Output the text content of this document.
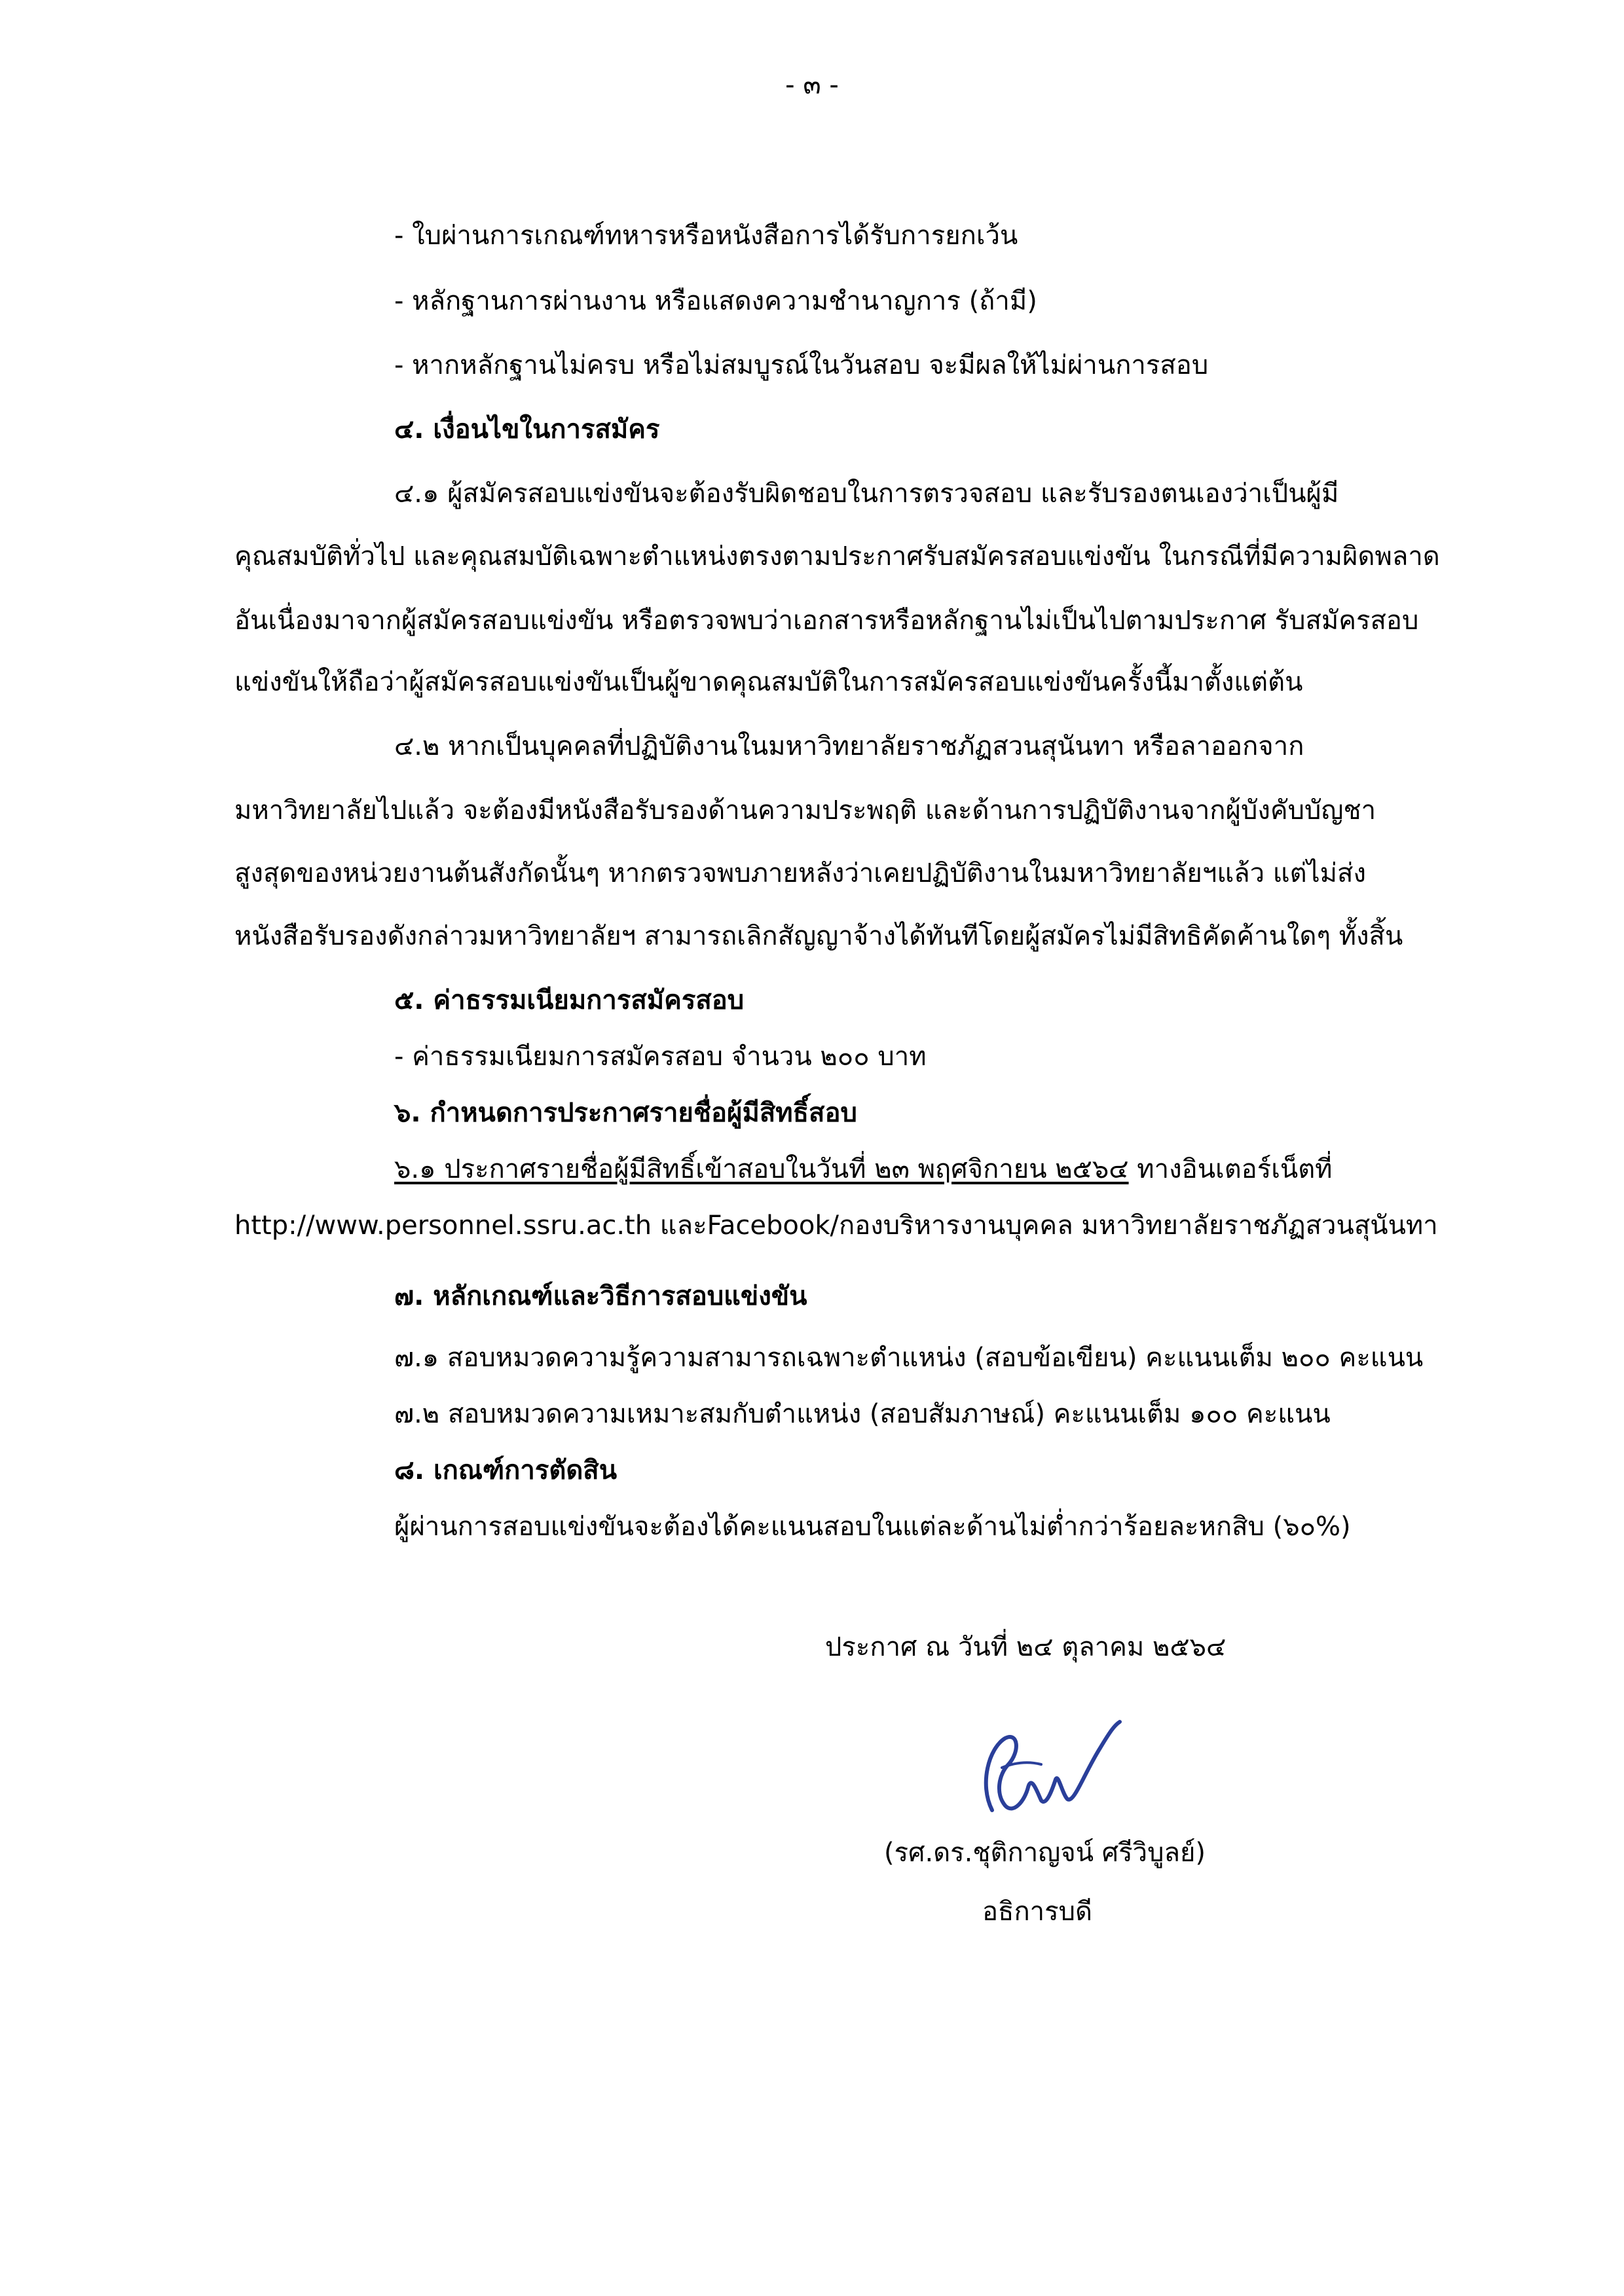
- ๓ -
- ใบผ่านการเกณฑ์ทหารหรือหนังสือการได้รับการยกเว้น
- หลักฐานการผ่านงาน หรือแสดงความชำนาญการ (ถ้ามี)
- หากหลักฐานไม่ครบ หรือไม่สมบูรณ์ในวันสอบ จะมีผลให้ไม่ผ่านการสอบ
๔. เงื่อนไขในการสมัคร
๔.๑ ผู้สมัครสอบแข่งขันจะต้องรับผิดชอบในการตรวจสอบ และรับรองตนเองว่าเป็นผู้มี
คุณสมบัติทั่วไป และคุณสมบัติเฉพาะตำแหน่งตรงตามประกาศรับสมัครสอบแข่งขัน ในกรณีที่มีความผิดพลาด
อันเนื่องมาจากผู้สมัครสอบแข่งขัน หรือตรวจพบว่าเอกสารหรือหลักฐานไม่เป็นไปตามประกาศ รับสมัครสอบ
แข่งขันให้ถือว่าผู้สมัครสอบแข่งขันเป็นผู้ขาดคุณสมบัติในการสมัครสอบแข่งขันครั้งนี้มาตั้งแต่ต้น
๔.๒ หากเป็นบุคคลที่ปฏิบัติงานในมหาวิทยาลัยราชภัฏสวนสุนันทา หรือลาออกจาก
มหาวิทยาลัยไปแล้ว จะต้องมีหนังสือรับรองด้านความประพฤติ และด้านการปฏิบัติงานจากผู้บังคับบัญชา
สูงสุดของหน่วยงานต้นสังกัดนั้นๆ หากตรวจพบภายหลังว่าเคยปฏิบัติงานในมหาวิทยาลัยฯแล้ว แต่ไม่ส่ง
หนังสือรับรองดังกล่าวมหาวิทยาลัยฯ สามารถเลิกสัญญาจ้างได้ทันทีโดยผู้สมัครไม่มีสิทธิคัดค้านใดๆ ทั้งสิ้น
๕. ค่าธรรมเนียมการสมัครสอบ
- ค่าธรรมเนียมการสมัครสอบ จำนวน ๒๐๐ บาท
๖. กำหนดการประกาศรายชื่อผู้มีสิทธิ์สอบ
๖.๑ ประกาศรายชื่อผู้มีสิทธิ์เข้าสอบในวันที่ ๒๓ พฤศจิกายน ๒๕๖๔ ทางอินเตอร์เน็ตที่
http://www.personnel.ssru.ac.th และFacebook/กองบริหารงานบุคคล มหาวิทยาลัยราชภัฏสวนสุนันทา
๗. หลักเกณฑ์และวิธีการสอบแข่งขัน
๗.๑ สอบหมวดความรู้ความสามารถเฉพาะตำแหน่ง (สอบข้อเขียน) คะแนนเต็ม ๒๐๐ คะแนน
๗.๒ สอบหมวดความเหมาะสมกับตำแหน่ง (สอบสัมภาษณ์) คะแนนเต็ม ๑๐๐ คะแนน
๘. เกณฑ์การตัดสิน
ผู้ผ่านการสอบแข่งขันจะต้องได้คะแนนสอบในแต่ละด้านไม่ต่ำกว่าร้อยละหกสิบ (๖๐%)
ประกาศ ณ วันที่ ๒๔ ตุลาคม ๒๕๖๔
(รศ.ดร.ชุติกาญจน์ ศรีวิบูลย์)
อธิการบดี
